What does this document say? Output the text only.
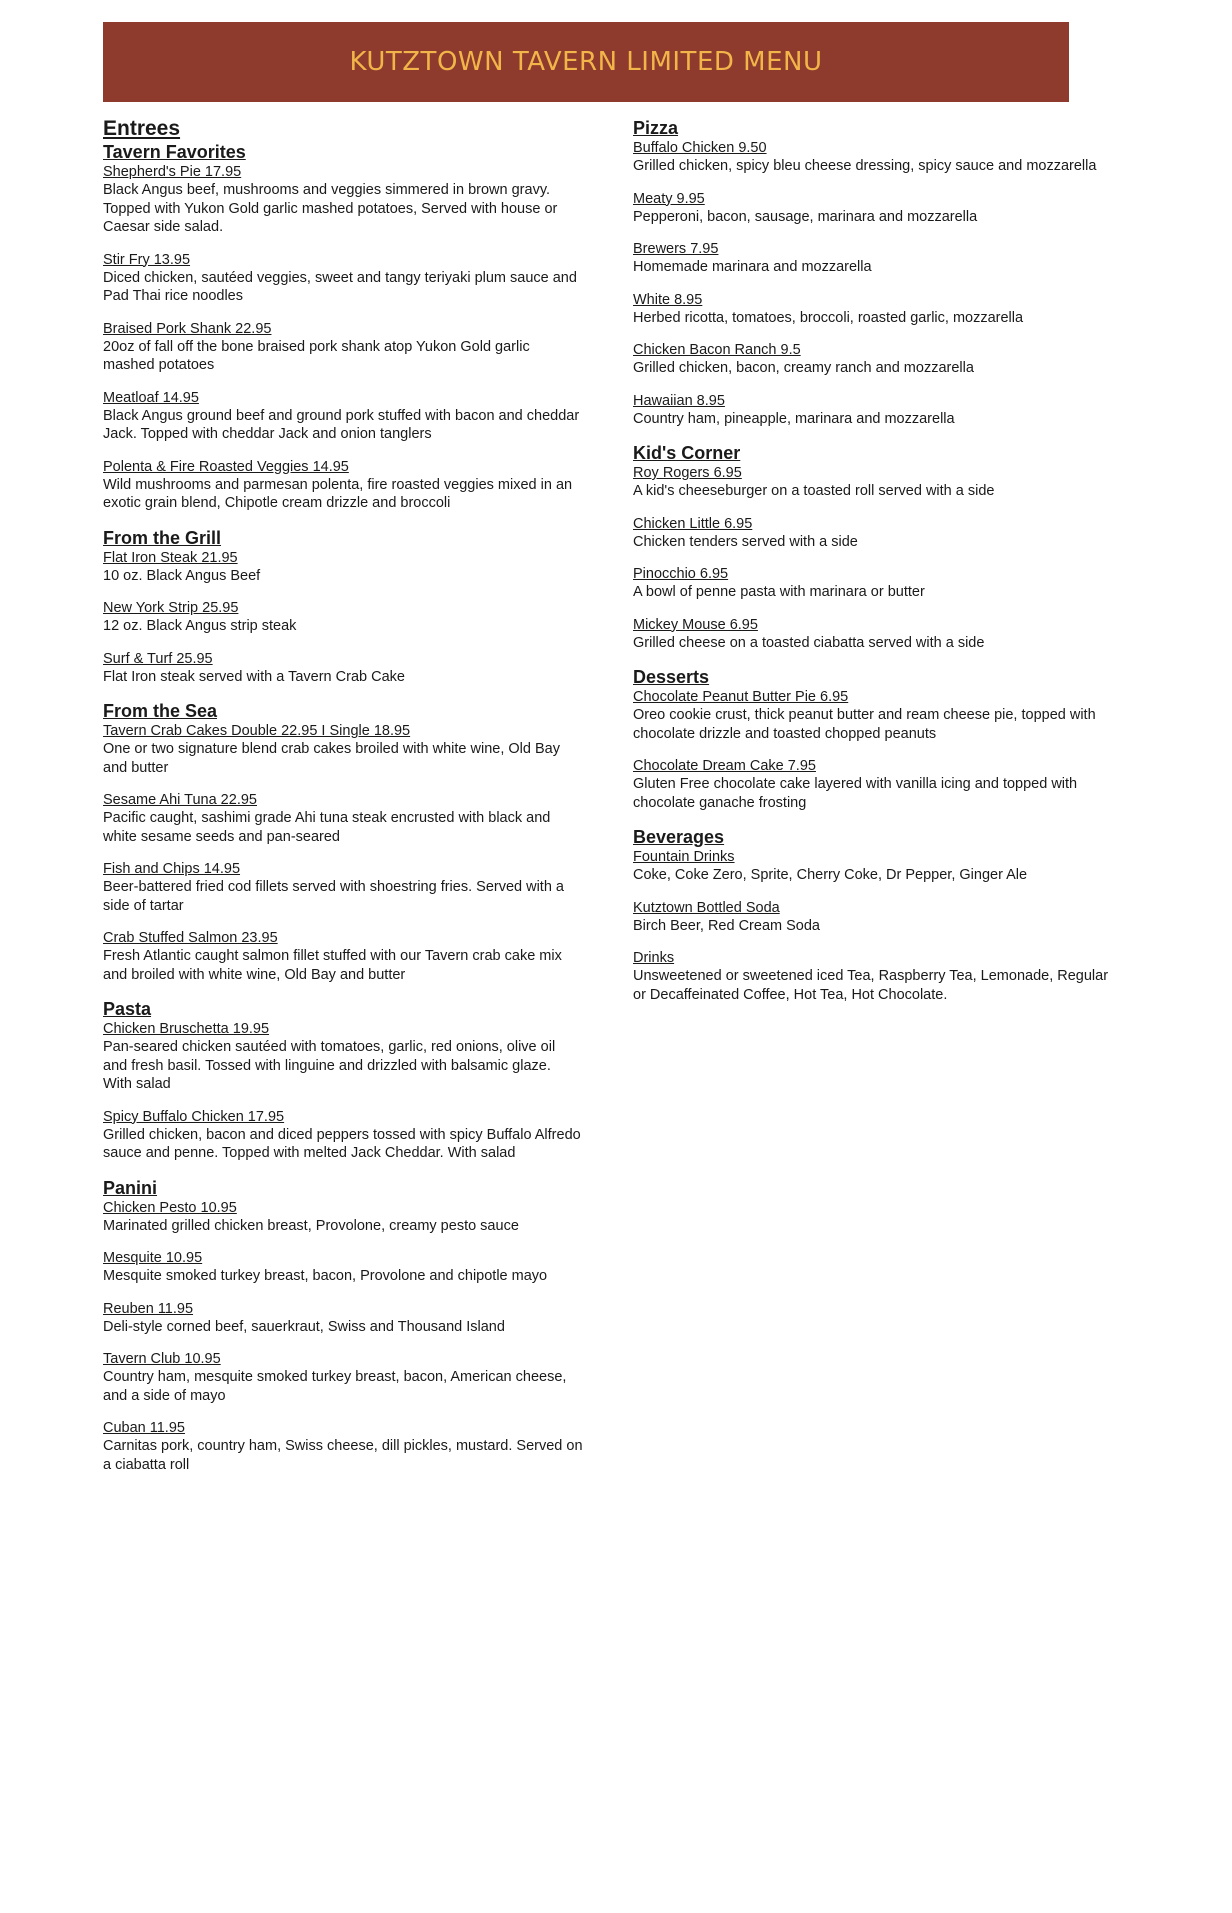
KUTZTOWN TAVERN LIMITED MENU
Entrees
Tavern Favorites
Shepherd's Pie 17.95
Black Angus beef, mushrooms and veggies simmered in brown gravy. Topped with Yukon Gold garlic mashed potatoes, Served with house or Caesar side salad.
Stir Fry 13.95
Diced chicken, sautéed veggies, sweet and tangy teriyaki plum sauce and Pad Thai rice noodles
Braised Pork Shank 22.95
20oz of fall off the bone braised pork shank atop Yukon Gold garlic mashed potatoes
Meatloaf 14.95
Black Angus ground beef and ground pork stuffed with bacon and cheddar Jack. Topped with cheddar Jack and onion tanglers
Polenta & Fire Roasted Veggies 14.95
Wild mushrooms and parmesan polenta, fire roasted veggies mixed in an exotic grain blend, Chipotle cream drizzle and broccoli
From the Grill
Flat Iron Steak 21.95
10 oz. Black Angus Beef
New York Strip 25.95
12 oz. Black Angus strip steak
Surf & Turf 25.95
Flat Iron steak served with a Tavern Crab Cake
From the Sea
Tavern Crab Cakes Double 22.95 I Single 18.95
One or two signature blend crab cakes broiled with white wine, Old Bay and butter
Sesame Ahi Tuna 22.95
Pacific caught, sashimi grade Ahi tuna steak encrusted with black and white sesame seeds and pan-seared
Fish and Chips 14.95
Beer-battered fried cod fillets served with shoestring fries. Served with a side of tartar
Crab Stuffed Salmon 23.95
Fresh Atlantic caught salmon fillet stuffed with our Tavern crab cake mix and broiled with white wine, Old Bay and butter
Pasta
Chicken Bruschetta 19.95
Pan-seared chicken sautéed with tomatoes, garlic, red onions, olive oil and fresh basil. Tossed with linguine and drizzled with balsamic glaze. With salad
Spicy Buffalo Chicken 17.95
Grilled chicken, bacon and diced peppers tossed with spicy Buffalo Alfredo sauce and penne. Topped with melted Jack Cheddar. With salad
Panini
Chicken Pesto 10.95
Marinated grilled chicken breast, Provolone, creamy pesto sauce
Mesquite 10.95
Mesquite smoked turkey breast, bacon, Provolone and chipotle mayo
Reuben 11.95
Deli-style corned beef, sauerkraut, Swiss and Thousand Island
Tavern Club 10.95
Country ham, mesquite smoked turkey breast, bacon, American cheese, and a side of mayo
Cuban 11.95
Carnitas pork, country ham, Swiss cheese, dill pickles, mustard. Served on a ciabatta roll
Pizza
Buffalo Chicken 9.50
Grilled chicken, spicy bleu cheese dressing, spicy sauce and mozzarella
Meaty 9.95
Pepperoni, bacon, sausage, marinara and mozzarella
Brewers 7.95
Homemade marinara and mozzarella
White 8.95
Herbed ricotta, tomatoes, broccoli, roasted garlic, mozzarella
Chicken Bacon Ranch 9.5
Grilled chicken, bacon, creamy ranch and mozzarella
Hawaiian 8.95
Country ham, pineapple, marinara and mozzarella
Kid's Corner
Roy Rogers 6.95
A kid's cheeseburger on a toasted roll served with a side
Chicken Little 6.95
Chicken tenders served with a side
Pinocchio 6.95
A bowl of penne pasta with marinara or butter
Mickey Mouse 6.95
Grilled cheese on a toasted ciabatta served with a side
Desserts
Chocolate Peanut Butter Pie 6.95
Oreo cookie crust, thick peanut butter and ream cheese pie, topped with chocolate drizzle and toasted chopped peanuts
Chocolate Dream Cake 7.95
Gluten Free chocolate cake layered with vanilla icing and topped with chocolate ganache frosting
Beverages
Fountain Drinks
Coke, Coke Zero, Sprite, Cherry Coke, Dr Pepper, Ginger Ale
Kutztown Bottled Soda
Birch Beer, Red Cream Soda
Drinks
Unsweetened or sweetened iced Tea, Raspberry Tea, Lemonade, Regular or Decaffeinated Coffee, Hot Tea, Hot Chocolate.
